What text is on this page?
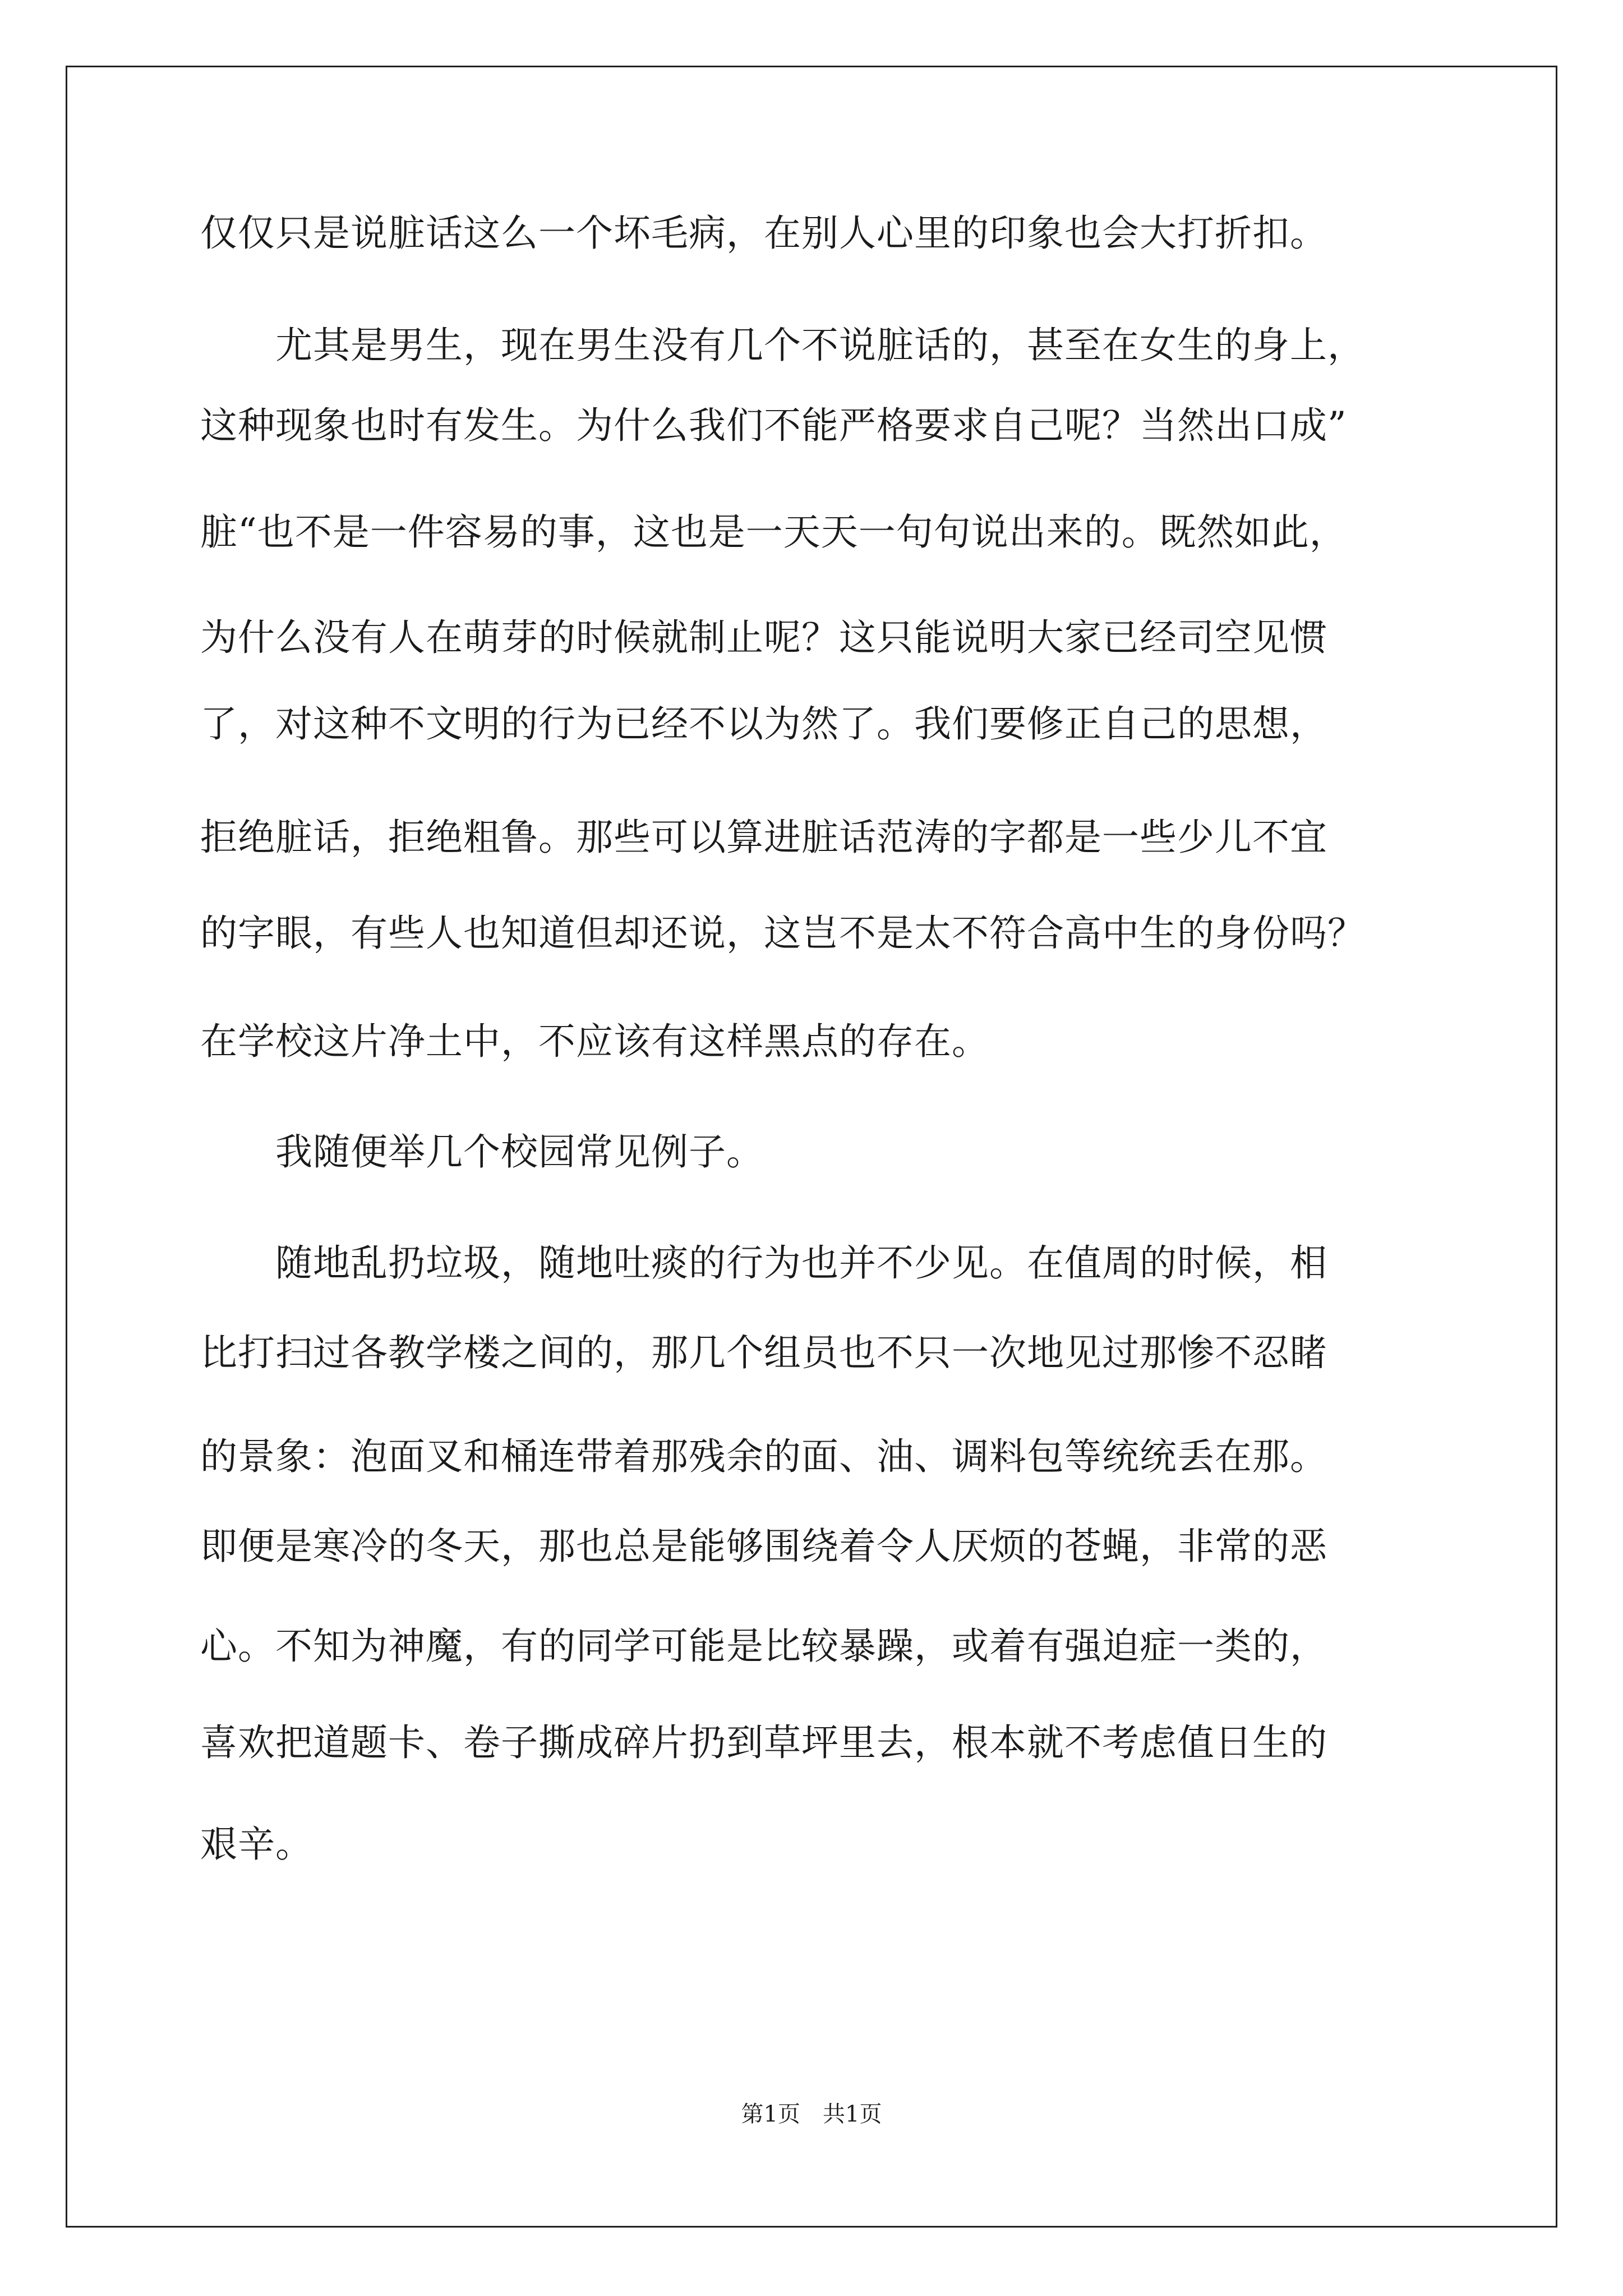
仅仅只是说脏话这么一个坏毛病，在别人心里的印象也会大打折扣。
　　尤其是男生，现在男生没有几个不说脏话的，甚至在女生的身上，
这种现象也时有发生。为什么我们不能严格要求自己呢？当然出口成”
脏“也不是一件容易的事，这也是一天天一句句说出来的。既然如此，
为什么没有人在萌芽的时候就制止呢？这只能说明大家已经司空见惯
了，对这种不文明的行为已经不以为然了。我们要修正自己的思想，
拒绝脏话，拒绝粗鲁。那些可以算进脏话范涛的字都是一些少儿不宜
的字眼，有些人也知道但却还说，这岂不是太不符合高中生的身份吗？
在学校这片净土中，不应该有这样黑点的存在。
　　我随便举几个校园常见例子。
　　随地乱扔垃圾，随地吐痰的行为也并不少见。在值周的时候，相
比打扫过各教学楼之间的，那几个组员也不只一次地见过那惨不忍睹
的景象：泡面叉和桶连带着那残余的面、油、调料包等统统丢在那。
即便是寒冷的冬天，那也总是能够围绕着令人厌烦的苍蝇，非常的恶
心。不知为神魔，有的同学可能是比较暴躁，或着有强迫症一类的，
喜欢把道题卡、卷子撕成碎片扔到草坪里去，根本就不考虑值日生的
艰辛。
第1页　共1页
